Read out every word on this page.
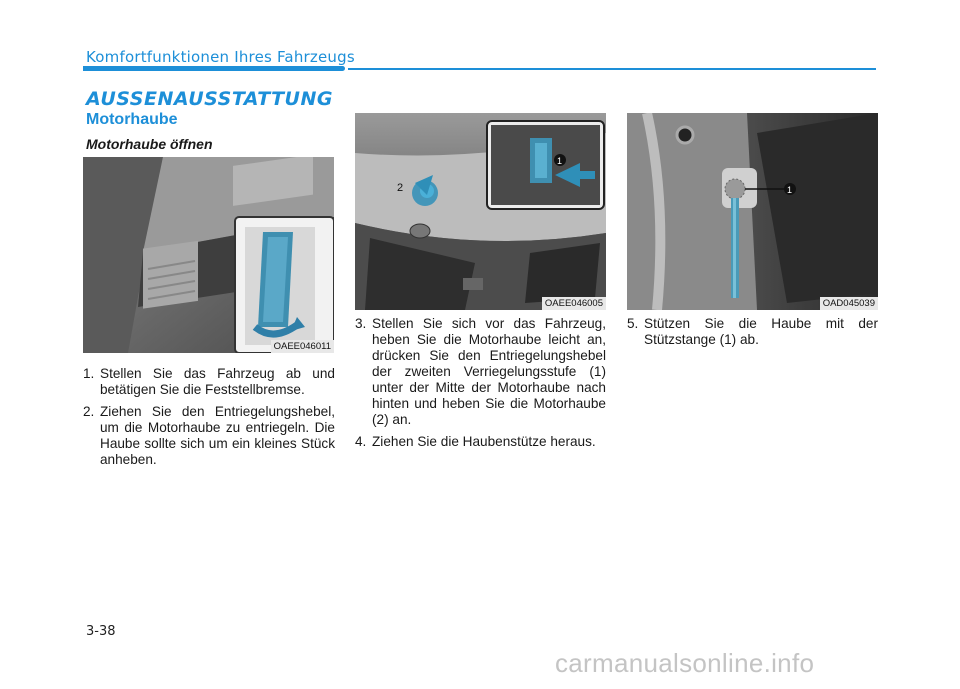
Komfortfunktionen Ihres Fahrzeugs
AUSSENAUSSTATTUNG
Motorhaube
Motorhaube öffnen
OAEE046011
2
1
OAEE046005
1
OAD045039
1. Stellen Sie das Fahrzeug ab und betätigen Sie die Feststellbremse.
2. Ziehen Sie den Entriegelungshebel, um die Motorhaube zu entriegeln. Die Haube sollte sich um ein kleines Stück anheben.
3. Stellen Sie sich vor das Fahrzeug, heben Sie die Motorhaube leicht an, drücken Sie den Entriegelungshebel der zweiten Verriegelungsstufe (1) unter der Mitte der Motorhaube nach hinten und heben Sie die Motorhaube (2) an.
4. Ziehen Sie die Haubenstütze heraus.
5. Stützen Sie die Haube mit der Stützstange (1) ab.
3-38
carmanualsonline.info
